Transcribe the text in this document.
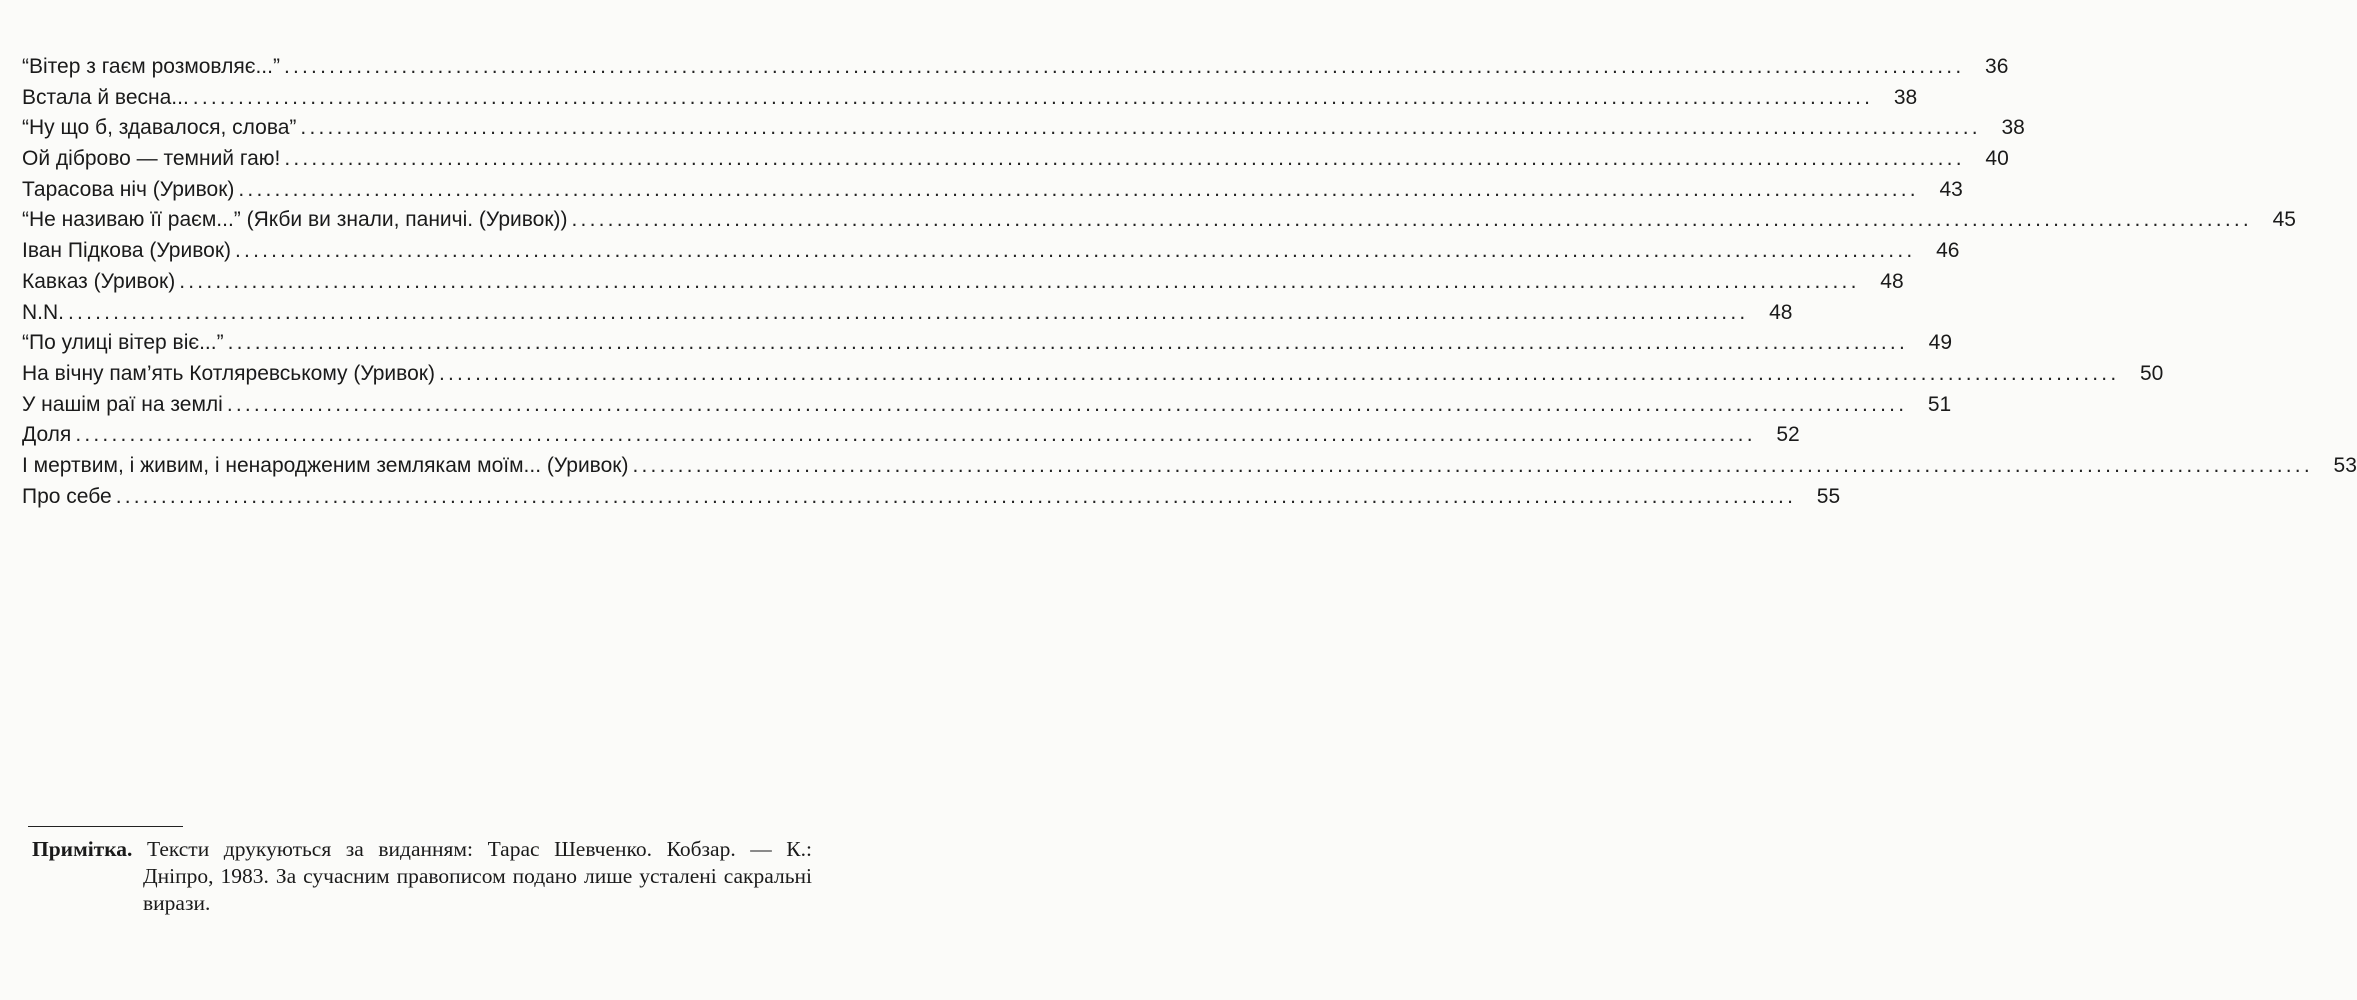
“Вітер з гаєм розмовляє...” .......................................................................................................................................................................................... 36
Встала й весна... .......................................................................................................................................................................................... 38
“Ну що б, здавалося, слова” .......................................................................................................................................................................................... 38
Ой діброво — темний гаю! .......................................................................................................................................................................................... 40
Тарасова ніч (Уривок) .......................................................................................................................................................................................... 43
“Не називаю її раєм...” (Якби ви знали, паничі. (Уривок)) .......................................................................................................................................................................................... 45
Іван Підкова (Уривок) .......................................................................................................................................................................................... 46
Кавказ (Уривок) .......................................................................................................................................................................................... 48
N.N. .......................................................................................................................................................................................... 48
“По улиці вітер віє...” .......................................................................................................................................................................................... 49
На вічну пам’ять Котляревському (Уривок) .......................................................................................................................................................................................... 50
У нашім раї на землі .......................................................................................................................................................................................... 51
Доля .......................................................................................................................................................................................... 52
І мертвим, і живим, і ненародженим землякам моїм... (Уривок) .......................................................................................................................................................................................... 53
Про себе .......................................................................................................................................................................................... 55
Примітка. Тексти друкуються за виданням: Тарас Шевченко. Кобзар. — К.:
Дніпро, 1983. За сучасним правописом подано лише усталені сакральні вирази.
